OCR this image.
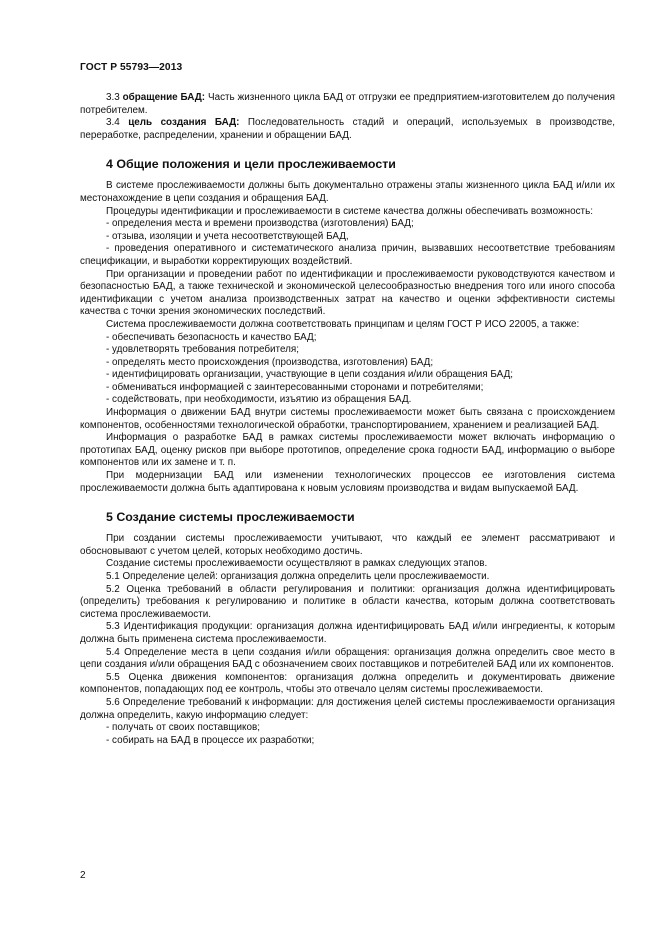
ГОСТ Р 55793—2013

3.3 обращение БАД: Часть жизненного цикла БАД от отгрузки ее предприятием-изготовителем до получения потребителем.

3.4 цель создания БАД: Последовательность стадий и операций, используемых в производстве, переработке, распределении, хранении и обращении БАД.

4 Общие положения и цели прослеживаемости

В системе прослеживаемости должны быть документально отражены этапы жизненного цикла БАД и/или их местонахождение в цепи создания и обращения БАД.

Процедуры идентификации и прослеживаемости в системе качества должны обеспечивать возможность:

- определения места и времени производства (изготовления) БАД;

- отзыва, изоляции и учета несоответствующей БАД,

- проведения оперативного и систематического анализа причин, вызвавших несоответствие требованиям спецификации, и выработки корректирующих воздействий.

При организации и проведении работ по идентификации и прослеживаемости руководствуются качеством и безопасностью БАД, а также технической и экономической целесообразностью внедрения того или иного способа идентификации с учетом анализа производственных затрат на качество и оценки эффективности системы качества с точки зрения экономических последствий.

Система прослеживаемости должна соответствовать принципам и целям ГОСТ Р ИСО 22005, а также:

- обеспечивать безопасность и качество БАД;

- удовлетворять требования потребителя;

- определять место происхождения (производства, изготовления) БАД;

- идентифицировать организации, участвующие в цепи создания и/или обращения БАД;

- обмениваться информацией с заинтересованными сторонами и потребителями;

- содействовать, при необходимости, изъятию из обращения БАД.

Информация о движении БАД внутри системы прослеживаемости может быть связана с происхождением компонентов, особенностями технологической обработки, транспортированием, хранением и реализацией БАД.

Информация о разработке БАД в рамках системы прослеживаемости может включать информацию о прототипах БАД, оценку рисков при выборе прототипов, определение срока годности БАД, информацию о выборе компонентов или их замене и т. п.

При модернизации БАД или изменении технологических процессов ее изготовления система прослеживаемости должна быть адаптирована к новым условиям производства и видам выпускаемой БАД.

5 Создание системы прослеживаемости

При создании системы прослеживаемости учитывают, что каждый ее элемент рассматривают и обосновывают с учетом целей, которых необходимо достичь.

Создание системы прослеживаемости осуществляют в рамках следующих этапов.

5.1 Определение целей: организация должна определить цели прослеживаемости.

5.2 Оценка требований в области регулирования и политики: организация должна идентифицировать (определить) требования к регулированию и политике в области качества, которым должна соответствовать система прослеживаемости.

5.3 Идентификация продукции: организация должна идентифицировать БАД и/или ингредиенты, к которым должна быть применена система прослеживаемости.

5.4 Определение места в цепи создания и/или обращения: организация должна определить свое место в цепи создания и/или обращения БАД с обозначением своих поставщиков и потребителей БАД или их компонентов.

5.5 Оценка движения компонентов: организация должна определить и документировать движение компонентов, попадающих под ее контроль, чтобы это отвечало целям системы прослеживаемости.

5.6 Определение требований к информации: для достижения целей системы прослеживаемости организация должна определить, какую информацию следует:

- получать от своих поставщиков;

- собирать на БАД в процессе их разработки;

2
